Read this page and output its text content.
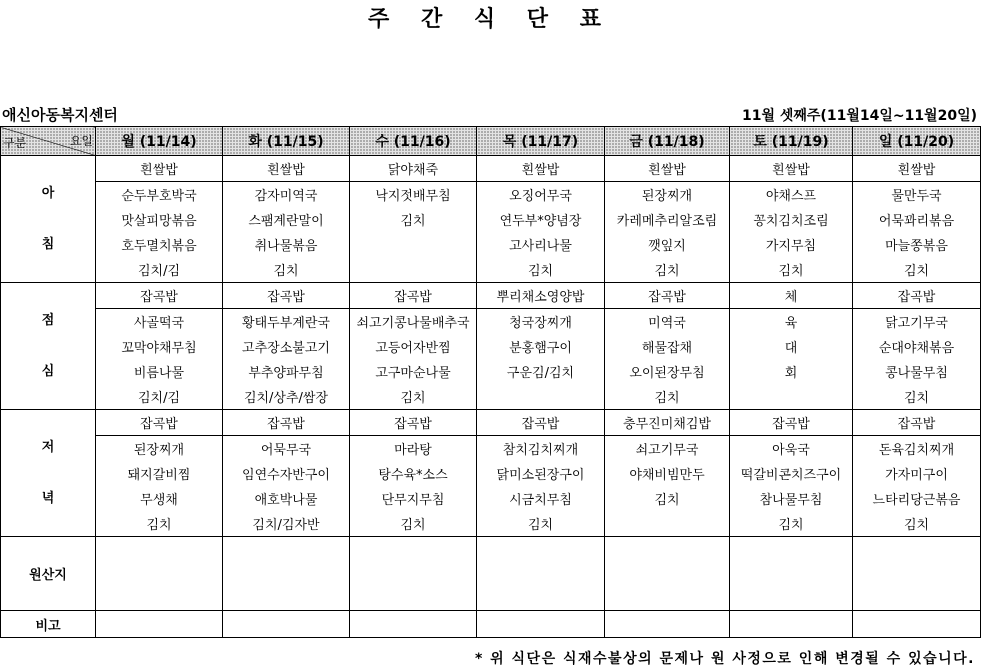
주 간 식 단 표
애신아동복지센터	11월 셋째주(11월14일~11월20일)
요일
구분	월 (11/14)	화 (11/15)	수 (11/16)	목 (11/17)	금 (11/18)	토 (11/19)	일 (11/20)

아
침	흰쌀밥	흰쌀밥	닭야채죽	흰쌀밥	흰쌀밥	흰쌀밥	흰쌀밥
	순두부호박국	감자미역국	낙지젓배무침	오징어무국	된장찌개	야채스프	물만두국
	맛살피망볶음	스팸계란말이	김치	연두부*양념장	카레메추리알조림	꽁치김치조림	어묵꽈리볶음
	호두멸치볶음	취나물볶음		고사리나물	깻잎지	가지무침	마늘쫑볶음
	김치/김	김치		김치	김치	김치	김치

점
심	잡곡밥	잡곡밥	잡곡밥	뿌리채소영양밥	잡곡밥	체	잡곡밥
	사골떡국	황태두부계란국	쇠고기콩나물배추국	청국장찌개	미역국	육	닭고기무국
	꼬막야채무침	고추장소불고기	고등어자반찜	분홍햄구이	해물잡채	대	순대야채볶음
	비름나물	부추양파무침	고구마순나물	구운김/김치	오이된장무침	회	콩나물무침
	김치/김	김치/상추/쌈장	김치		김치		김치

저
녁	잡곡밥	잡곡밥	잡곡밥	잡곡밥	충무진미채김밥	잡곡밥	잡곡밥
	된장찌개	어묵무국	마라탕	참치김치찌개	쇠고기무국	아욱국	돈육김치찌개
	돼지갈비찜	임연수자반구이	탕수육*소스	닭미소된장구이	야채비빔만두	떡갈비콘치즈구이	가자미구이
	무생채	애호박나물	단무지무침	시금치무침	김치	참나물무침	느타리당근볶음
	김치	김치/김자반	김치	김치		김치	김치
원산지							
비고							
* 위 식단은 식재수불상의 문제나 원 사정으로 인해 변경될 수 있습니다.
